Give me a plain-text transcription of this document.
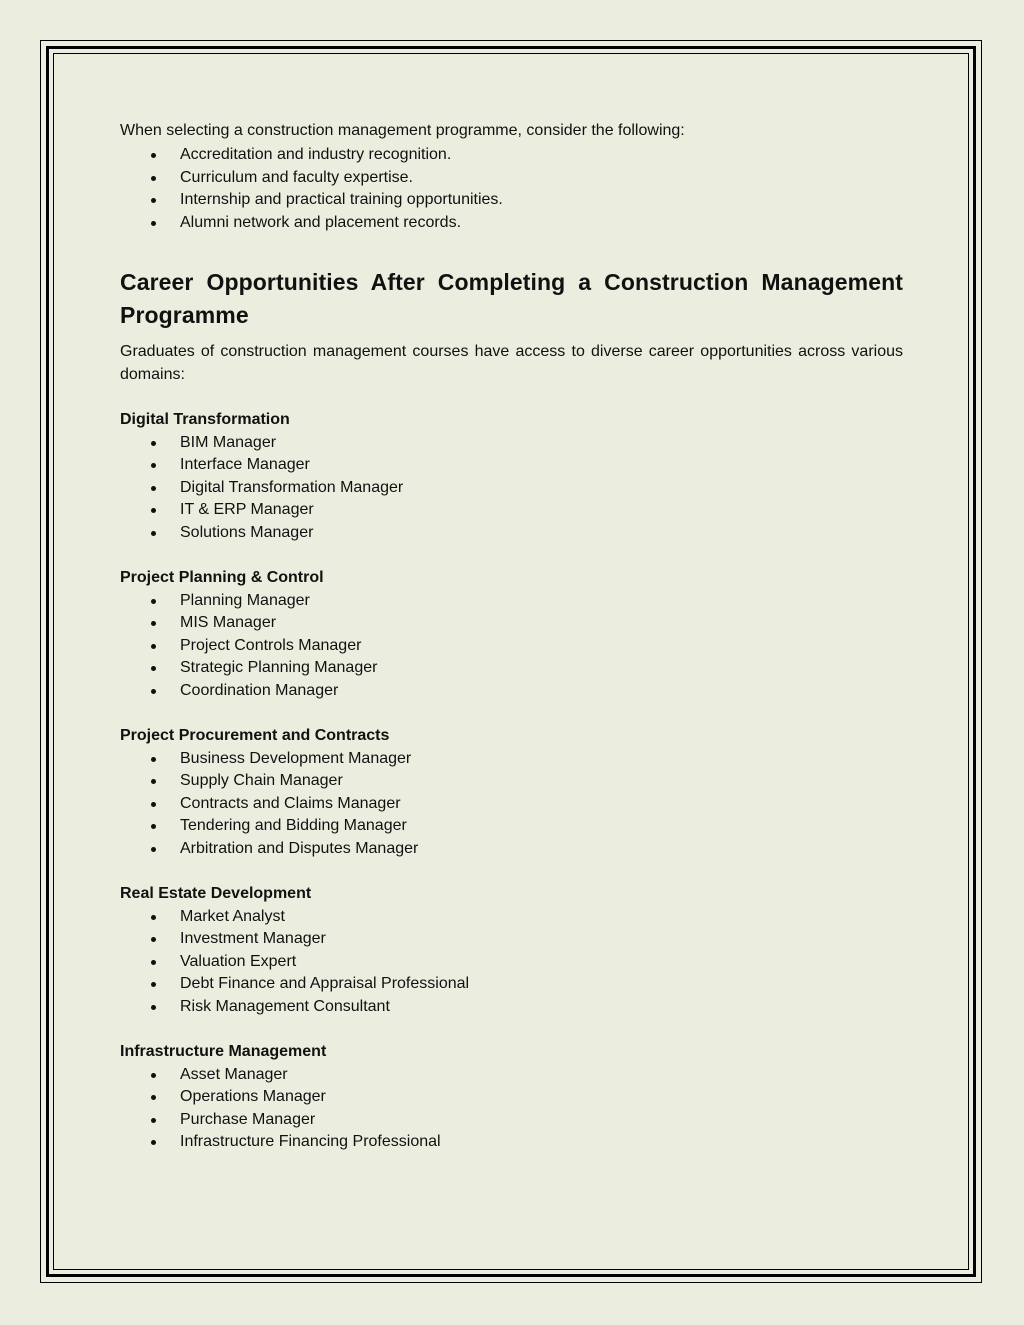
When selecting a construction management programme, consider the following:

Accreditation and industry recognition.
Curriculum and faculty expertise.
Internship and practical training opportunities.
Alumni network and placement records.
Career Opportunities After Completing a Construction Management Programme

Graduates of construction management courses have access to diverse career opportunities across various domains:

Digital Transformation

BIM Manager
Interface Manager
Digital Transformation Manager
IT & ERP Manager
Solutions Manager

Project Planning & Control

Planning Manager
MIS Manager
Project Controls Manager
Strategic Planning Manager
Coordination Manager

Project Procurement and Contracts

Business Development Manager
Supply Chain Manager
Contracts and Claims Manager
Tendering and Bidding Manager
Arbitration and Disputes Manager

Real Estate Development

Market Analyst
Investment Manager
Valuation Expert
Debt Finance and Appraisal Professional
Risk Management Consultant

Infrastructure Management

Asset Manager
Operations Manager
Purchase Manager
Infrastructure Financing Professional
